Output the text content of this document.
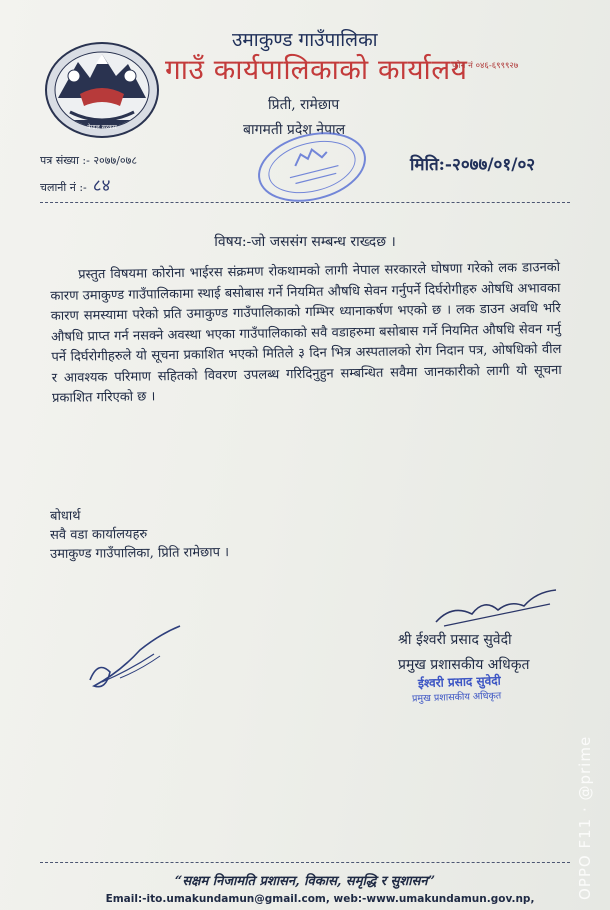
नेपाल सरकार
उमाकुण्ड गाउँपालिका
गाउँ कार्यपालिकाको कार्यालय
फोन नं ०४६-६९९९२७
प्रिती, रामेछाप
बागमती प्रदेश नेपाल
पत्र संख्या :- २०७७/०७८
चलानी नं :- ८४
मिति:-२०७७/०१/०२
विषय:-जो जससंग सम्बन्ध राख्दछ ।

प्रस्तुत विषयमा कोरोना भाईरस संक्रमण रोकथामको लागी नेपाल सरकारले घोषणा गरेको लक डाउनको कारण उमाकुण्ड गाउँपालिकामा स्थाई बसोबास गर्ने नियमित औषधि सेवन गर्नुपर्ने दिर्घरोगीहरु ओषधि अभावका कारण समस्यामा परेको प्रति उमाकुण्ड गाउँपालिकाको गम्भिर ध्यानाकर्षण भएको छ । लक डाउन अवधि भरि औषधि प्राप्त गर्न नसक्ने अवस्था भएका गाउँपालिकाको सवै वडाहरुमा बसोबास गर्ने नियमित औषधि सेवन गर्नु पर्ने दिर्घरोगीहरुले यो सूचना प्रकाशित भएको मितिले ३ दिन भित्र अस्पतालको रोग निदान पत्र, ओषधिको वील र आवश्यक परिमाण सहितको विवरण उपलब्ध गरिदिनुहुन सम्बन्धित सवैमा जानकारीको लागी यो सूचना प्रकाशित गरिएको छ ।

बोधार्थ
सवै वडा कार्यालयहरु
उमाकुण्ड गाउँपालिका, प्रिति रामेछाप ।
श्री ईश्वरी प्रसाद सुवेदी
प्रमुख प्रशासकीय अधिकृत
ईश्वरी प्रसाद सुवेदी
प्रमुख प्रशासकीय अधिकृत
“सक्षम निजामति प्रशासन, विकास, समृद्धि र सुशासन”
Email:-ito.umakundamun@gmail.com, web:-www.umakundamun.gov.np,	OPPO F11 · @prime
